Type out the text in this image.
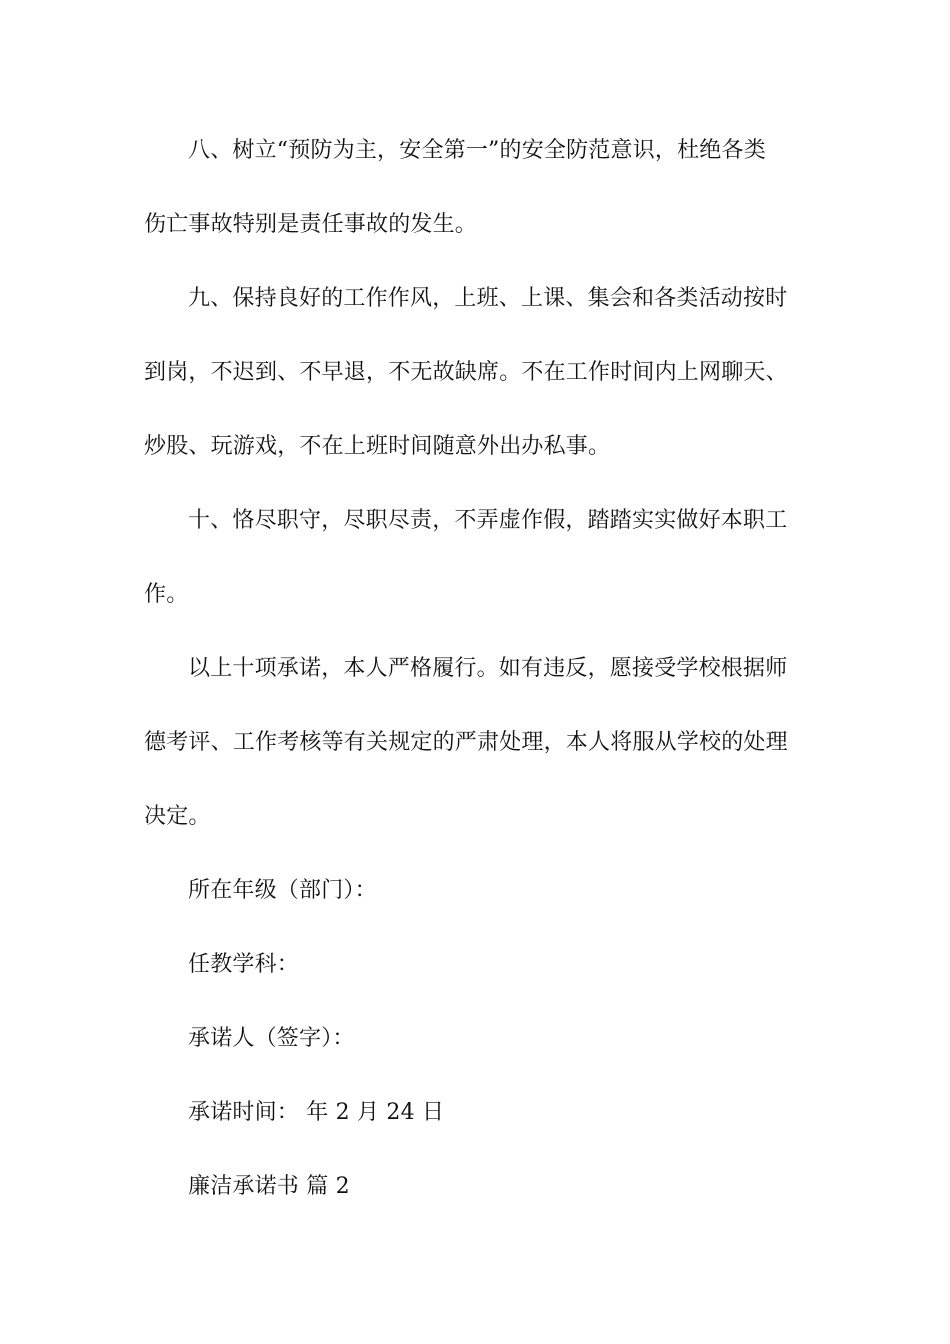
八、树立“预防为主，安全第一”的安全防范意识，杜绝各类
伤亡事故特别是责任事故的发生。
九、保持良好的工作作风，上班、上课、集会和各类活动按时
到岗，不迟到、不早退，不无故缺席。不在工作时间内上网聊天、
炒股、玩游戏，不在上班时间随意外出办私事。
十、恪尽职守，尽职尽责，不弄虚作假，踏踏实实做好本职工
作。
以上十项承诺，本人严格履行。如有违反，愿接受学校根据师
德考评、工作考核等有关规定的严肃处理，本人将服从学校的处理
决定。
所在年级（部门）：
任教学科：
承诺人（签字）：
承诺时间： 年 2 月 24 日
廉洁承诺书 篇 2
